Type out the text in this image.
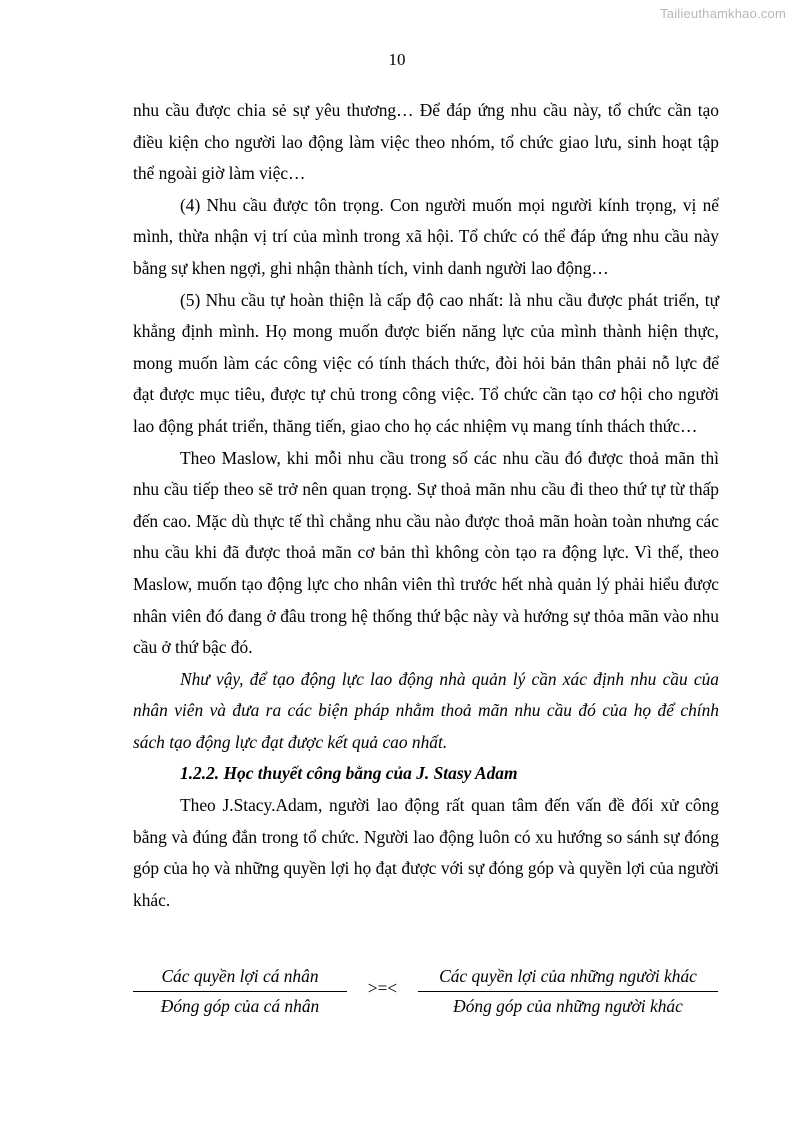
Tailieuthamkhao.com
10

nhu cầu được chia sẻ sự yêu thương… Để đáp ứng nhu cầu này, tổ chức cần tạo điều kiện cho người lao động làm việc theo nhóm, tổ chức giao lưu, sinh hoạt tập thể ngoài giờ làm việc…

(4) Nhu cầu được tôn trọng. Con người muốn mọi người kính trọng, vị nể mình, thừa nhận vị trí của mình trong xã hội. Tổ chức có thể đáp ứng nhu cầu này bằng sự khen ngợi, ghi nhận thành tích, vinh danh người lao động…

(5) Nhu cầu tự hoàn thiện là cấp độ cao nhất: là nhu cầu được phát triển, tự khẳng định mình. Họ mong muốn được biến năng lực của mình thành hiện thực, mong muốn làm các công việc có tính thách thức, đòi hỏi bản thân phải nỗ lực để đạt được mục tiêu, được tự chủ trong công việc. Tổ chức cần tạo cơ hội cho người lao động phát triển, thăng tiến, giao cho họ các nhiệm vụ mang tính thách thức…

Theo Maslow, khi mỗi nhu cầu trong số các nhu cầu đó được thoả mãn thì nhu cầu tiếp theo sẽ trở nên quan trọng. Sự thoả mãn nhu cầu đi theo thứ tự từ thấp đến cao. Mặc dù thực tế thì chẳng nhu cầu nào được thoả mãn hoàn toàn nhưng các nhu cầu khi đã được thoả mãn cơ bản thì không còn tạo ra động lực. Vì thế, theo Maslow, muốn tạo động lực cho nhân viên thì trước hết nhà quản lý phải hiểu được nhân viên đó đang ở đâu trong hệ thống thứ bậc này và hướng sự thỏa mãn vào nhu cầu ở thứ bậc đó.

Như vậy, để tạo động lực lao động nhà quản lý cần xác định nhu cầu của nhân viên và đưa ra các biện pháp nhằm thoả mãn nhu cầu đó của họ để chính sách tạo động lực đạt được kết quả cao nhất.

1.2.2. Học thuyết công bằng của J. Stasy Adam

Theo J.Stacy.Adam, người lao động rất quan tâm đến vấn đề đối xử công bằng và đúng đắn trong tổ chức. Người lao động luôn có xu hướng so sánh sự đóng góp của họ và những quyền lợi họ đạt được với sự đóng góp và quyền lợi của người khác.

Các quyền lợi cá nhân
Đóng góp của cá nhân
>=<
Các quyền lợi của những người khác
Đóng góp của những người khác
